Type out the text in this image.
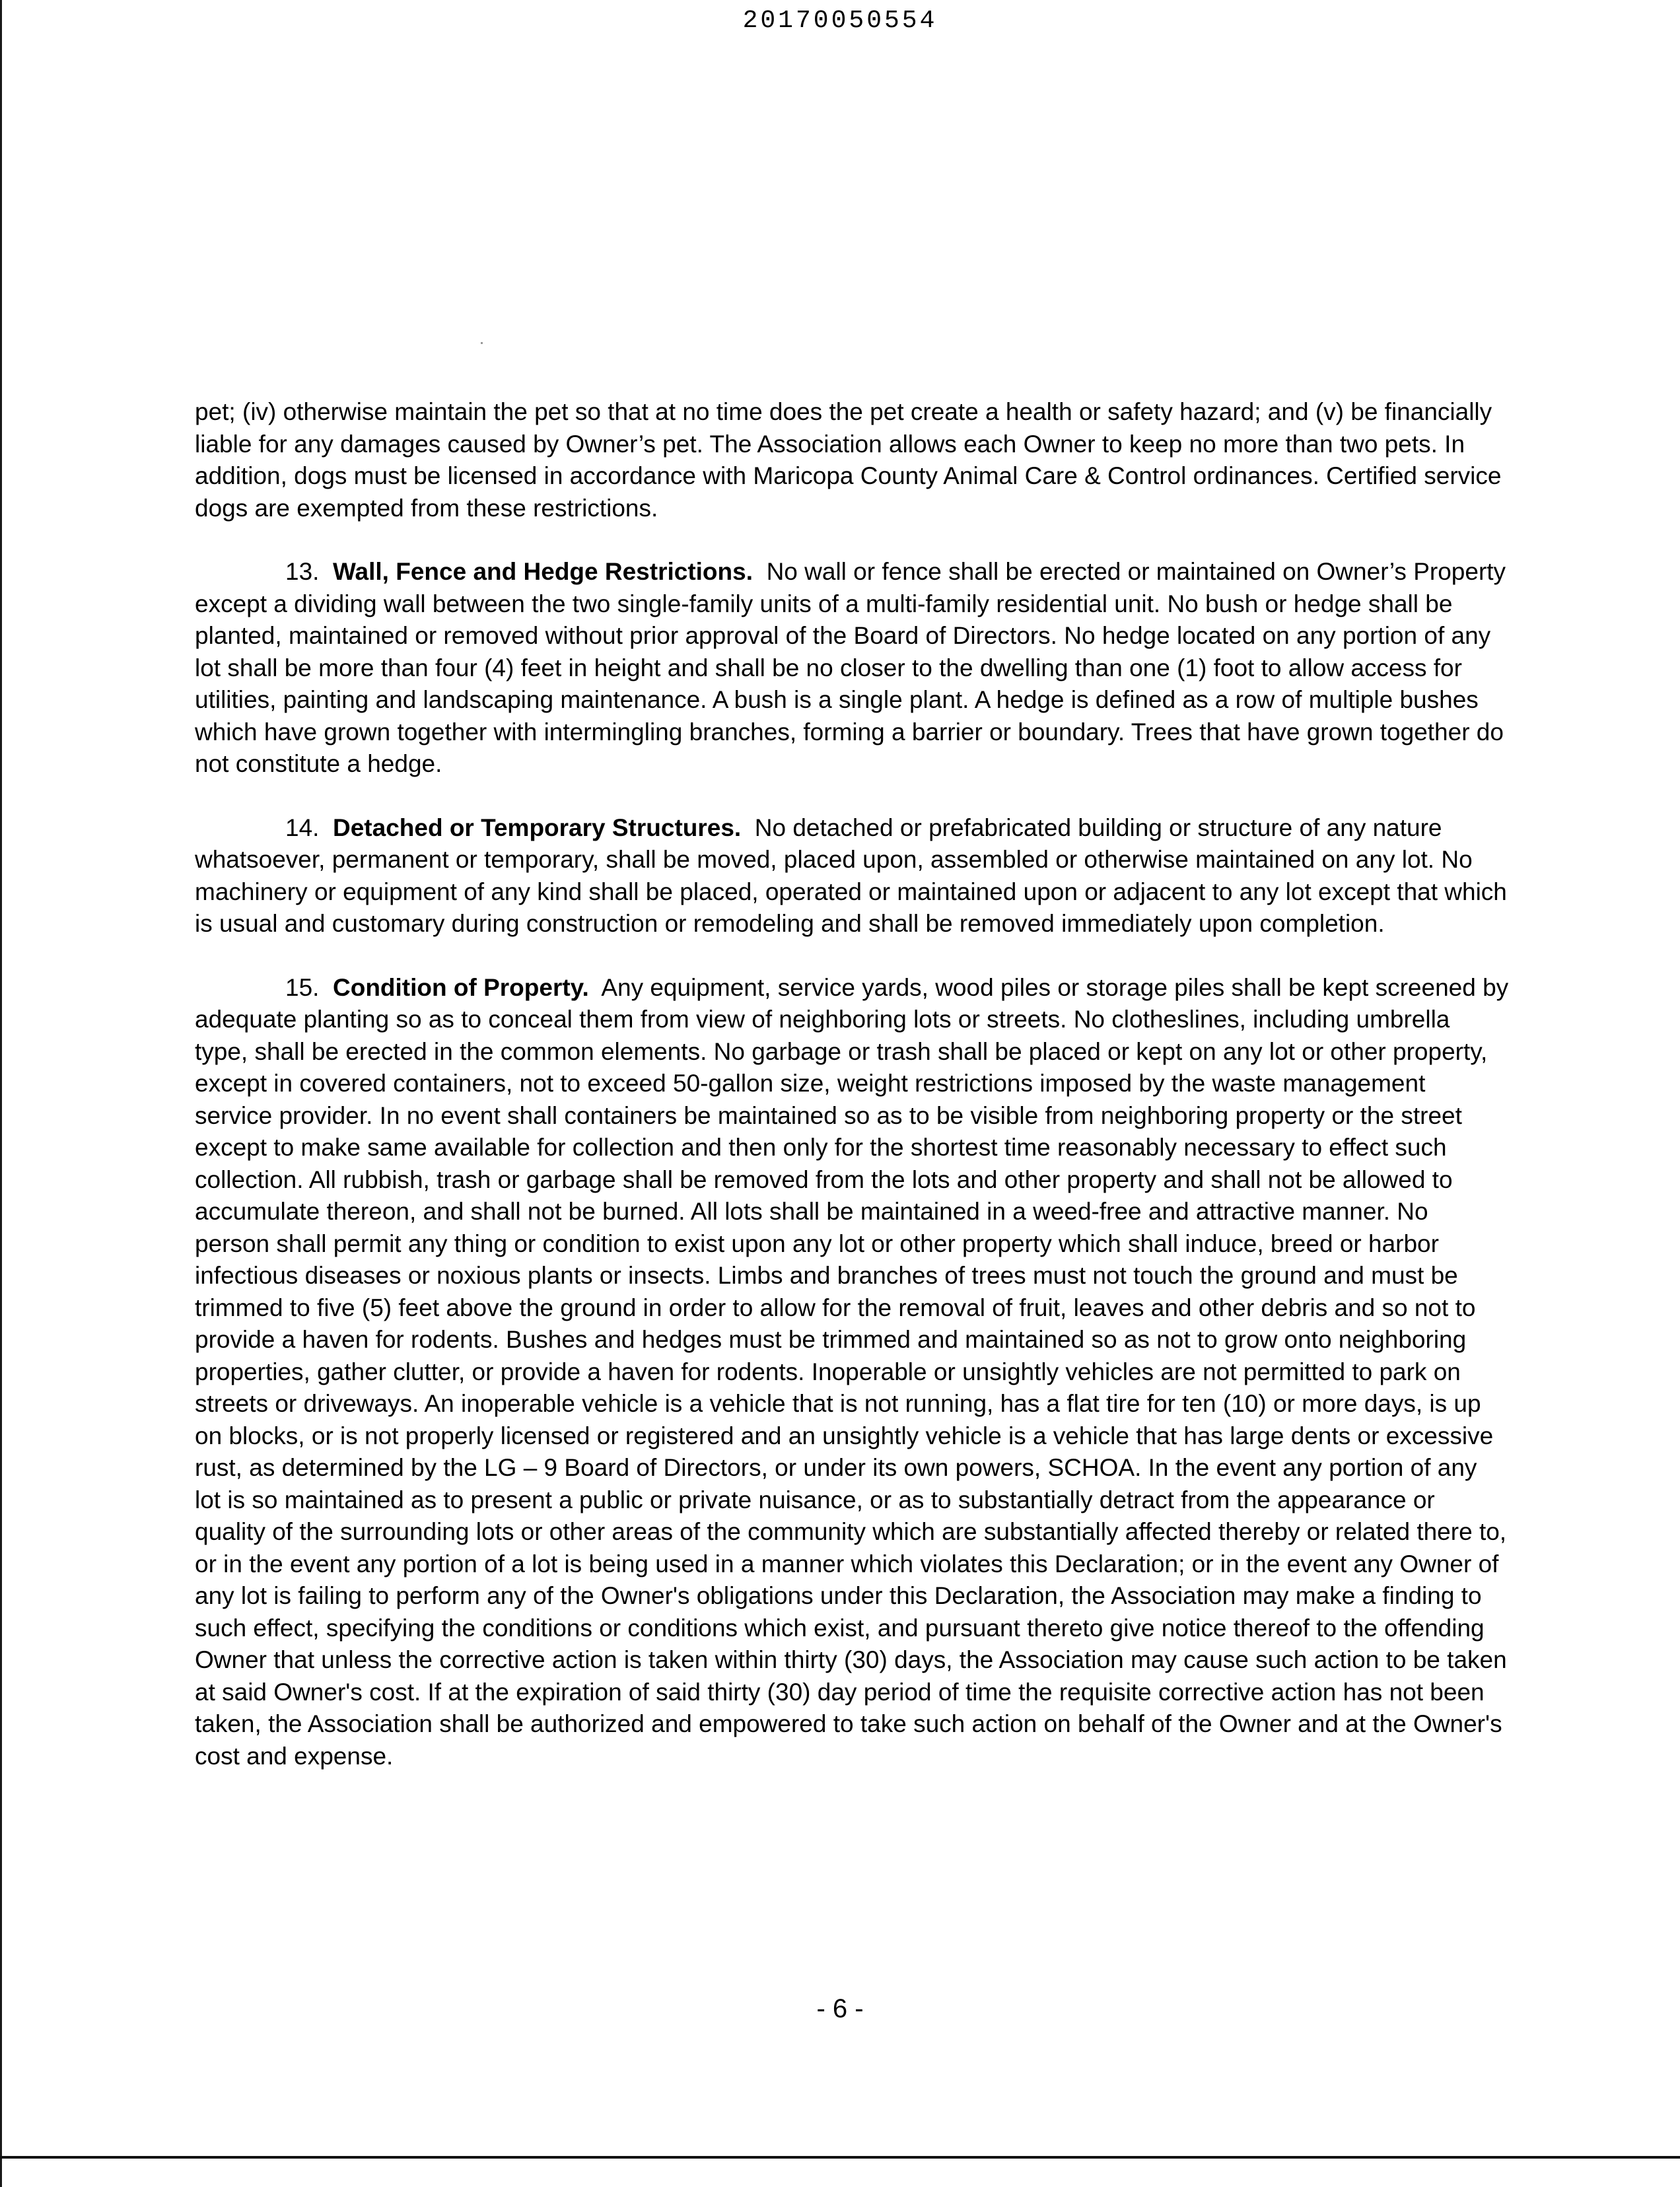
20170050554

pet; (iv) otherwise maintain the pet so that at no time does the pet create a health or safety hazard; and (v) be financially liable for any damages caused by Owner’s pet. The Association allows each Owner to keep no more than two pets. In addition, dogs must be licensed in accordance with Maricopa County Animal Care & Control ordinances. Certified service dogs are exempted from these restrictions.

13. Wall, Fence and Hedge Restrictions. No wall or fence shall be erected or maintained on Owner’s Property except a dividing wall between the two single-family units of a multi-family residential unit. No bush or hedge shall be planted, maintained or removed without prior approval of the Board of Directors. No hedge located on any portion of any lot shall be more than four (4) feet in height and shall be no closer to the dwelling than one (1) foot to allow access for utilities, painting and landscaping maintenance. A bush is a single plant. A hedge is defined as a row of multiple bushes which have grown together with intermingling branches, forming a barrier or boundary. Trees that have grown together do not constitute a hedge.

14. Detached or Temporary Structures. No detached or prefabricated building or structure of any nature whatsoever, permanent or temporary, shall be moved, placed upon, assembled or otherwise maintained on any lot. No machinery or equipment of any kind shall be placed, operated or maintained upon or adjacent to any lot except that which is usual and customary during construction or remodeling and shall be removed immediately upon completion.

15. Condition of Property. Any equipment, service yards, wood piles or storage piles shall be kept screened by adequate planting so as to conceal them from view of neighboring lots or streets. No clotheslines, including umbrella type, shall be erected in the common elements. No garbage or trash shall be placed or kept on any lot or other property, except in covered containers, not to exceed 50-gallon size, weight restrictions imposed by the waste management service provider. In no event shall containers be maintained so as to be visible from neighboring property or the street except to make same available for collection and then only for the shortest time reasonably necessary to effect such collection. All rubbish, trash or garbage shall be removed from the lots and other property and shall not be allowed to accumulate thereon, and shall not be burned. All lots shall be maintained in a weed-free and attractive manner. No person shall permit any thing or condition to exist upon any lot or other property which shall induce, breed or harbor infectious diseases or noxious plants or insects. Limbs and branches of trees must not touch the ground and must be trimmed to five (5) feet above the ground in order to allow for the removal of fruit, leaves and other debris and so not to provide a haven for rodents. Bushes and hedges must be trimmed and maintained so as not to grow onto neighboring properties, gather clutter, or provide a haven for rodents. Inoperable or unsightly vehicles are not permitted to park on streets or driveways. An inoperable vehicle is a vehicle that is not running, has a flat tire for ten (10) or more days, is up on blocks, or is not properly licensed or registered and an unsightly vehicle is a vehicle that has large dents or excessive rust, as determined by the LG – 9 Board of Directors, or under its own powers, SCHOA. In the event any portion of any lot is so maintained as to present a public or private nuisance, or as to substantially detract from the appearance or quality of the surrounding lots or other areas of the community which are substantially affected thereby or related there to, or in the event any portion of a lot is being used in a manner which violates this Declaration; or in the event any Owner of any lot is failing to perform any of the Owner's obligations under this Declaration, the Association may make a finding to such effect, specifying the conditions or conditions which exist, and pursuant thereto give notice thereof to the offending Owner that unless the corrective action is taken within thirty (30) days, the Association may cause such action to be taken at said Owner's cost. If at the expiration of said thirty (30) day period of time the requisite corrective action has not been taken, the Association shall be authorized and empowered to take such action on behalf of the Owner and at the Owner's cost and expense.

- 6 -
